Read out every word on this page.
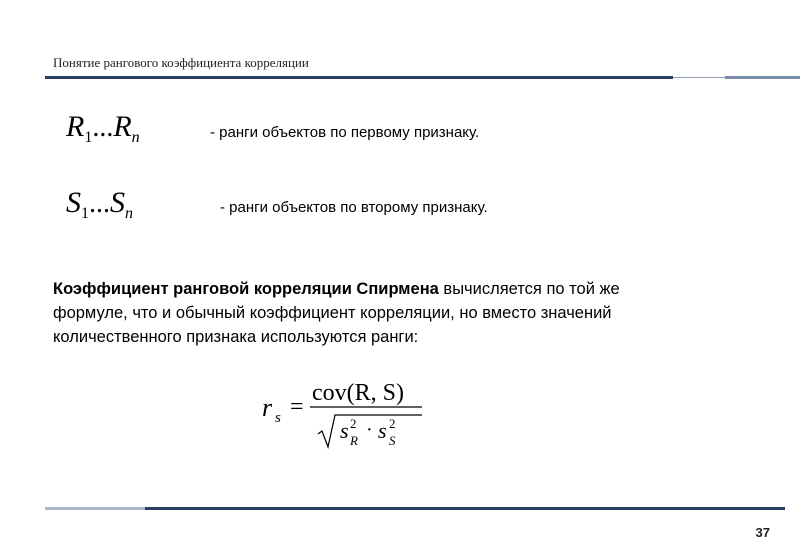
Понятие рангового коэффициента корреляции
$R_1...R_n$	- ранги объектов по первому признаку.
$S_1...S_n$	- ранги объектов по второму признаку.
Коэффициент ранговой корреляции Спирмена вычисляется по той же формуле, что и обычный коэффициент корреляции, но вместо значений количественного признака используются ранги:
r s =
cov(R, S)
s 2
R · s 2
S
37
